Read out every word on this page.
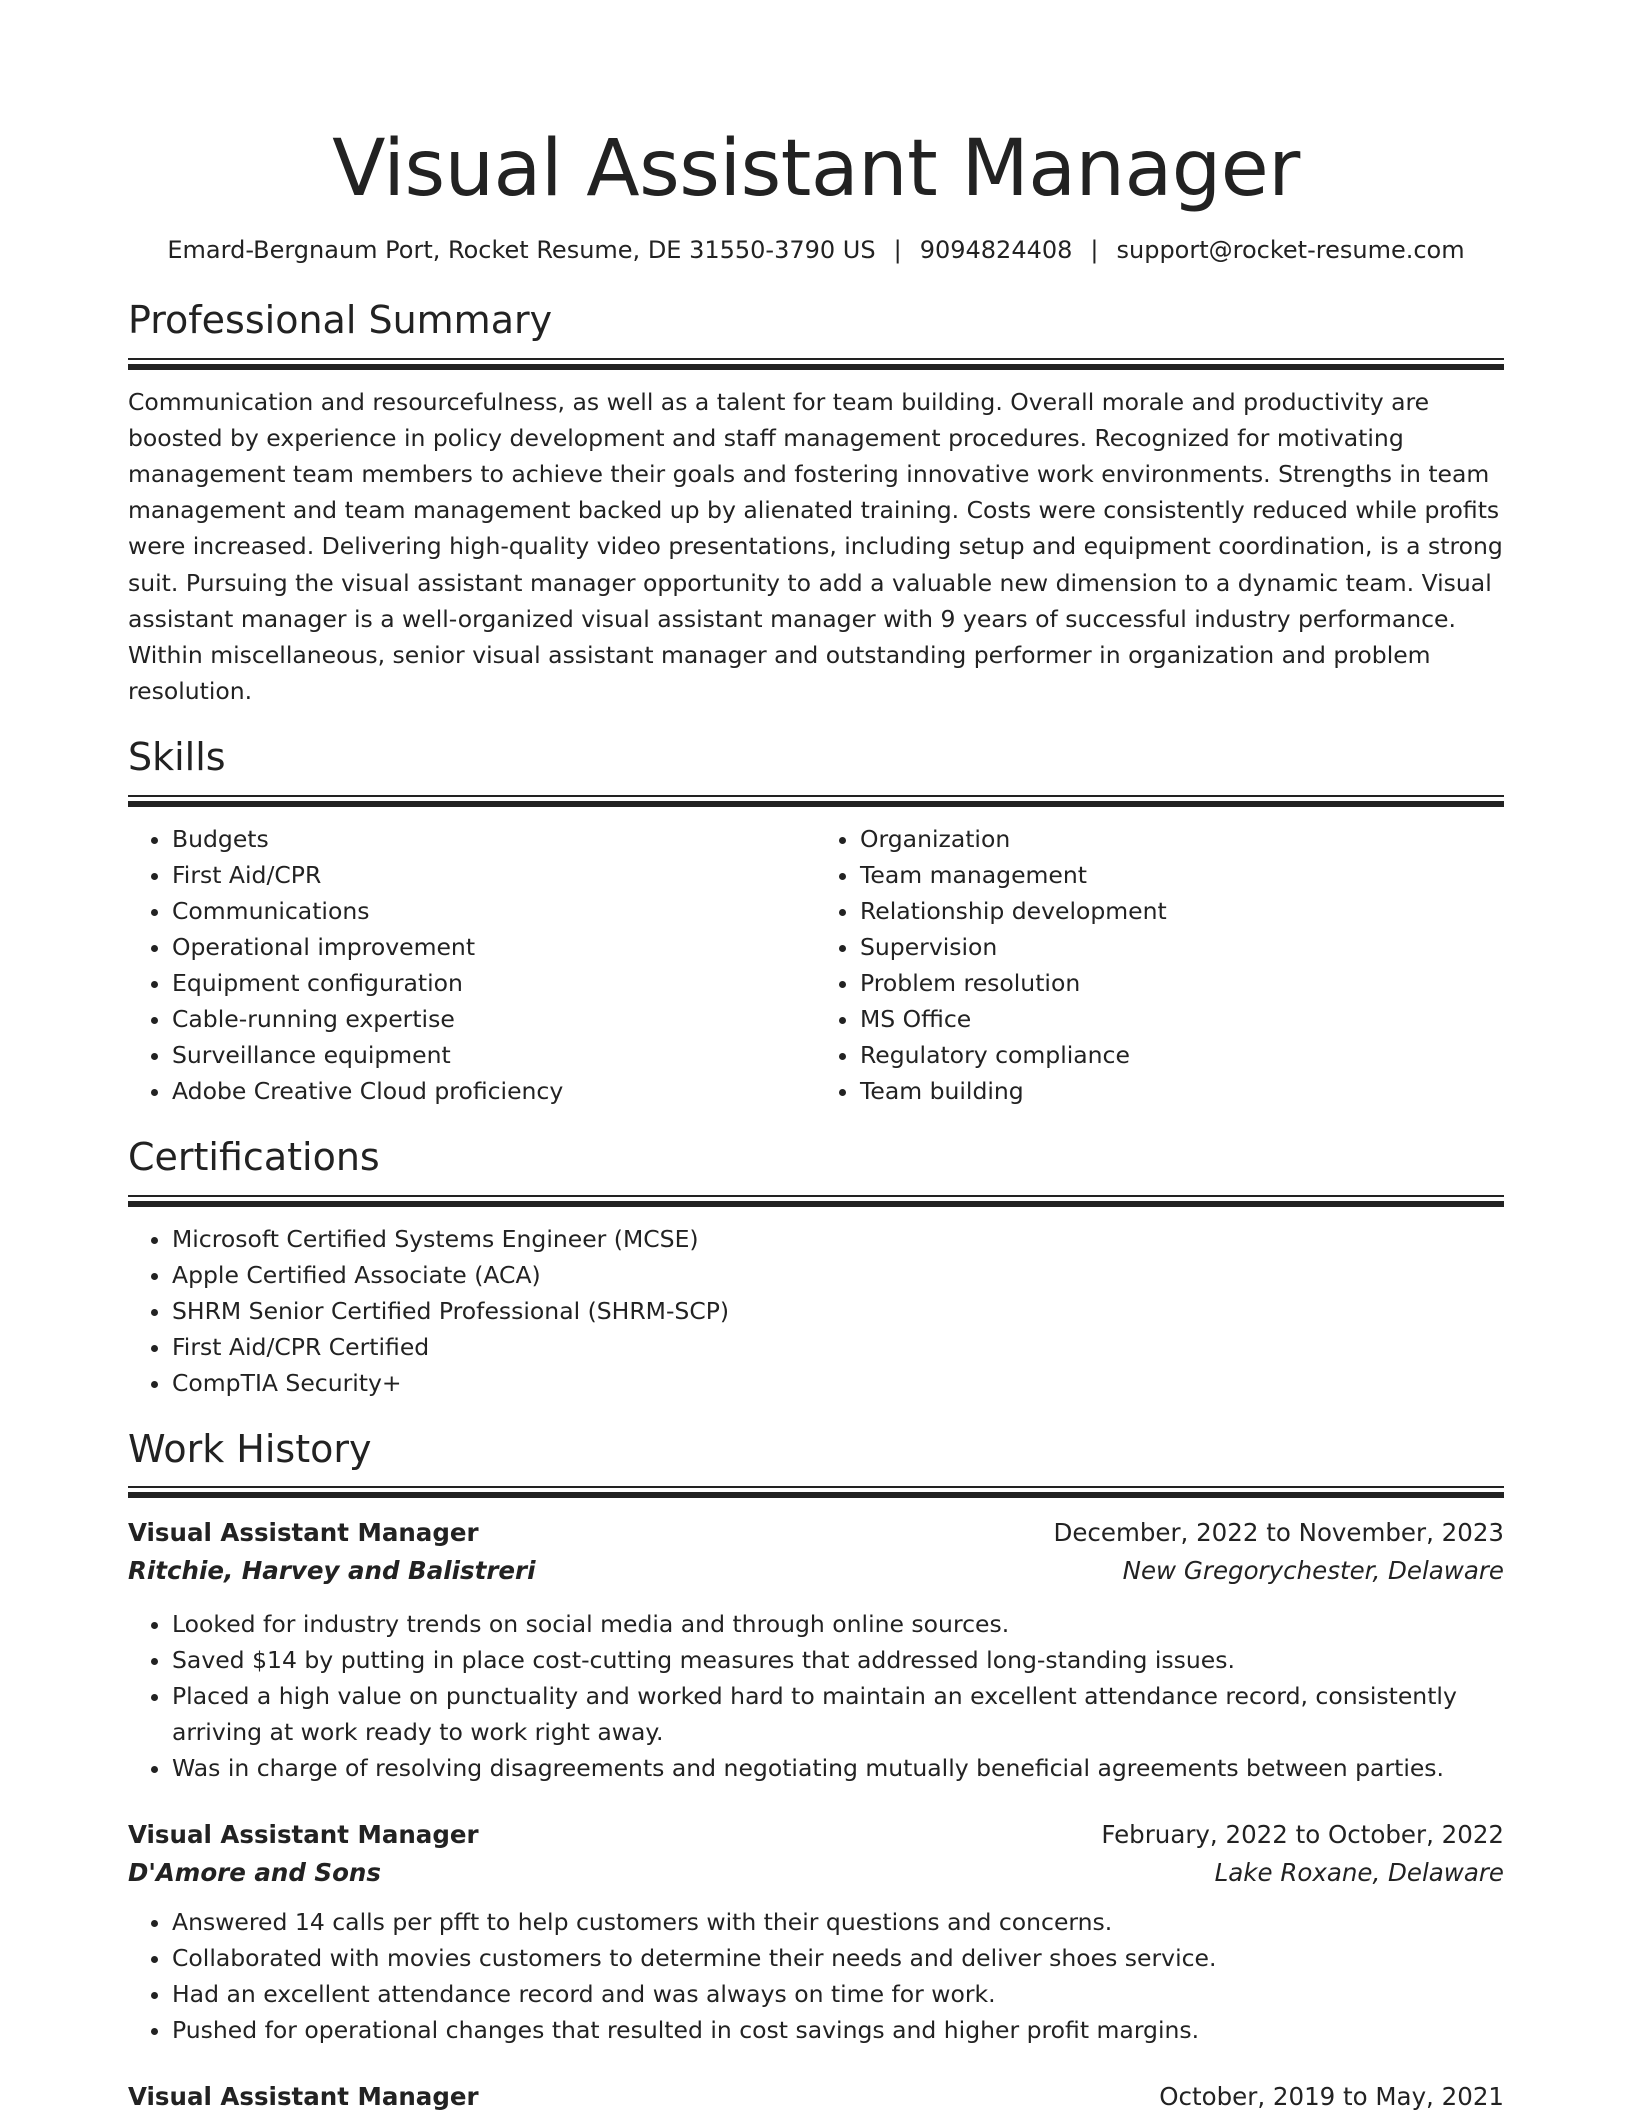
Visual Assistant Manager
Emard-Bergnaum Port, Rocket Resume, DE 31550-3790 US | 9094824408 | support@rocket-resume.com
Professional Summary

Communication and resourcefulness, as well as a talent for team building. Overall morale and productivity are boosted by experience in policy development and staff management procedures. Recognized for motivating management team members to achieve their goals and fostering innovative work environments. Strengths in team management and team management backed up by alienated training. Costs were consistently reduced while profits were increased. Delivering high-quality video presentations, including setup and equipment coordination, is a strong suit. Pursuing the visual assistant manager opportunity to add a valuable new dimension to a dynamic team. Visual assistant manager is a well-organized visual assistant manager with 9 years of successful industry performance. Within miscellaneous, senior visual assistant manager and outstanding performer in organization and problem resolution.

Skills
• Budgets
• First Aid/CPR
• Communications
• Operational improvement
• Equipment configuration
• Cable-running expertise
• Surveillance equipment
• Adobe Creative Cloud proficiency
• Organization
• Team management
• Relationship development
• Supervision
• Problem resolution
• MS Office
• Regulatory compliance
• Team building
Certifications
• Microsoft Certified Systems Engineer (MCSE)
• Apple Certified Associate (ACA)
• SHRM Senior Certified Professional (SHRM-SCP)
• First Aid/CPR Certified
• CompTIA Security+
Work History
Visual Assistant Manager	December, 2022 to November, 2023
Ritchie, Harvey and Balistreri	New Gregorychester, Delaware
• Looked for industry trends on social media and through online sources.
• Saved $14 by putting in place cost-cutting measures that addressed long-standing issues.
• Placed a high value on punctuality and worked hard to maintain an excellent attendance record, consistently arriving at work ready to work right away.
• Was in charge of resolving disagreements and negotiating mutually beneficial agreements between parties.
Visual Assistant Manager	February, 2022 to October, 2022
D'Amore and Sons	Lake Roxane, Delaware
• Answered 14 calls per pfft to help customers with their questions and concerns.
• Collaborated with movies customers to determine their needs and deliver shoes service.
• Had an excellent attendance record and was always on time for work.
• Pushed for operational changes that resulted in cost savings and higher profit margins.
Visual Assistant Manager	October, 2019 to May, 2021
